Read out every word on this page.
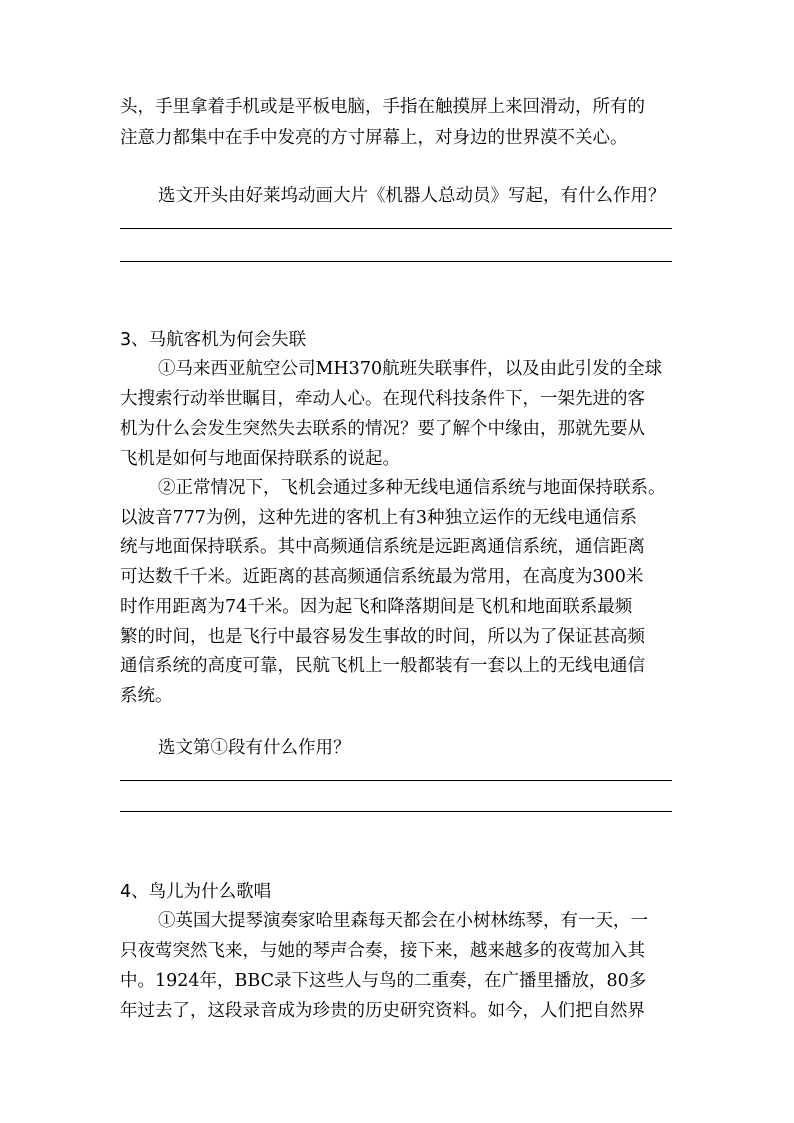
头，手里拿着手机或是平板电脑，手指在触摸屏上来回滑动，所有的
注意力都集中在手中发亮的方寸屏幕上，对身边的世界漠不关心。
选文开头由好莱坞动画大片《机器人总动员》写起，有什么作用？
3、马航客机为何会失联
①马来西亚航空公司MH370航班失联事件，以及由此引发的全球
大搜索行动举世瞩目，牵动人心。在现代科技条件下，一架先进的客
机为什么会发生突然失去联系的情况？要了解个中缘由，那就先要从
飞机是如何与地面保持联系的说起。
②正常情况下，飞机会通过多种无线电通信系统与地面保持联系。
以波音777为例，这种先进的客机上有3种独立运作的无线电通信系
统与地面保持联系。其中高频通信系统是远距离通信系统，通信距离
可达数千千米。近距离的甚高频通信系统最为常用，在高度为300米
时作用距离为74千米。因为起飞和降落期间是飞机和地面联系最频
繁的时间，也是飞行中最容易发生事故的时间，所以为了保证甚高频
通信系统的高度可靠，民航飞机上一般都装有一套以上的无线电通信
系统。
选文第①段有什么作用？
4、鸟儿为什么歌唱
①英国大提琴演奏家哈里森每天都会在小树林练琴，有一天，一
只夜莺突然飞来，与她的琴声合奏，接下来，越来越多的夜莺加入其
中。1924年，BBC录下这些人与鸟的二重奏，在广播里播放，80多
年过去了，这段录音成为珍贵的历史研究资料。如今，人们把自然界
